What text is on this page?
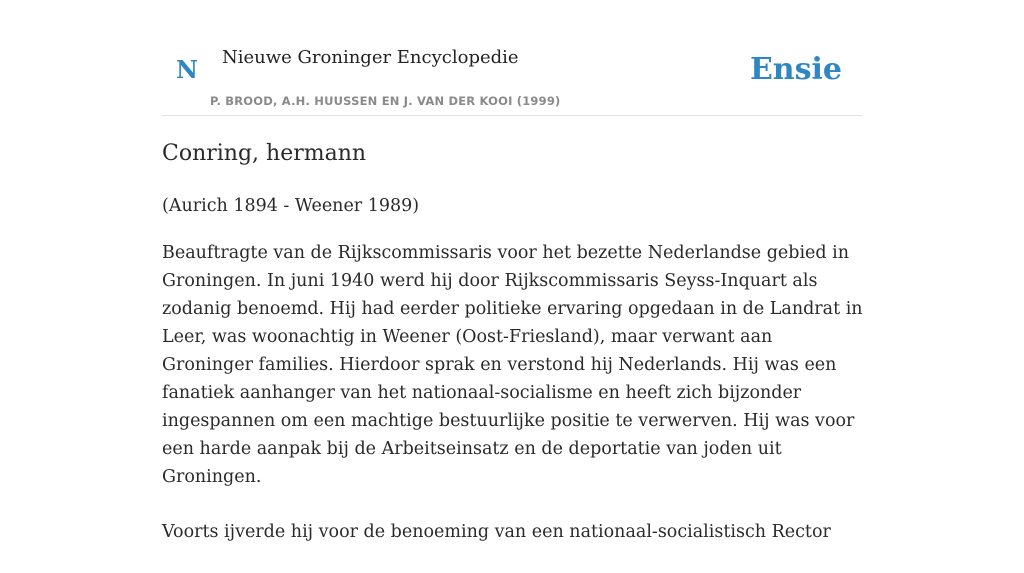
N Nieuwe Groninger Encyclopedie
P. BROOD, A.H. HUUSSEN EN J. VAN DER KOOI (1999)
Ensie
Conring, hermann

(Aurich 1894 - Weener 1989)

Beauftragte van de Rijkscommissaris voor het bezette Nederlandse gebied in Groningen. In juni 1940 werd hij door Rijkscommissaris Seyss-Inquart als zodanig benoemd. Hij had eerder politieke ervaring opgedaan in de Landrat in Leer, was woonachtig in Weener (Oost-Friesland), maar verwant aan Groninger families. Hierdoor sprak en verstond hij Nederlands. Hij was een fanatiek aanhanger van het nationaal-socialisme en heeft zich bijzonder ingespannen om een machtige bestuurlijke positie te verwerven. Hij was voor een harde aanpak bij de Arbeitseinsatz en de deportatie van joden uit Groningen.

Voorts ijverde hij voor de benoeming van een nationaal-socialistisch Rector
